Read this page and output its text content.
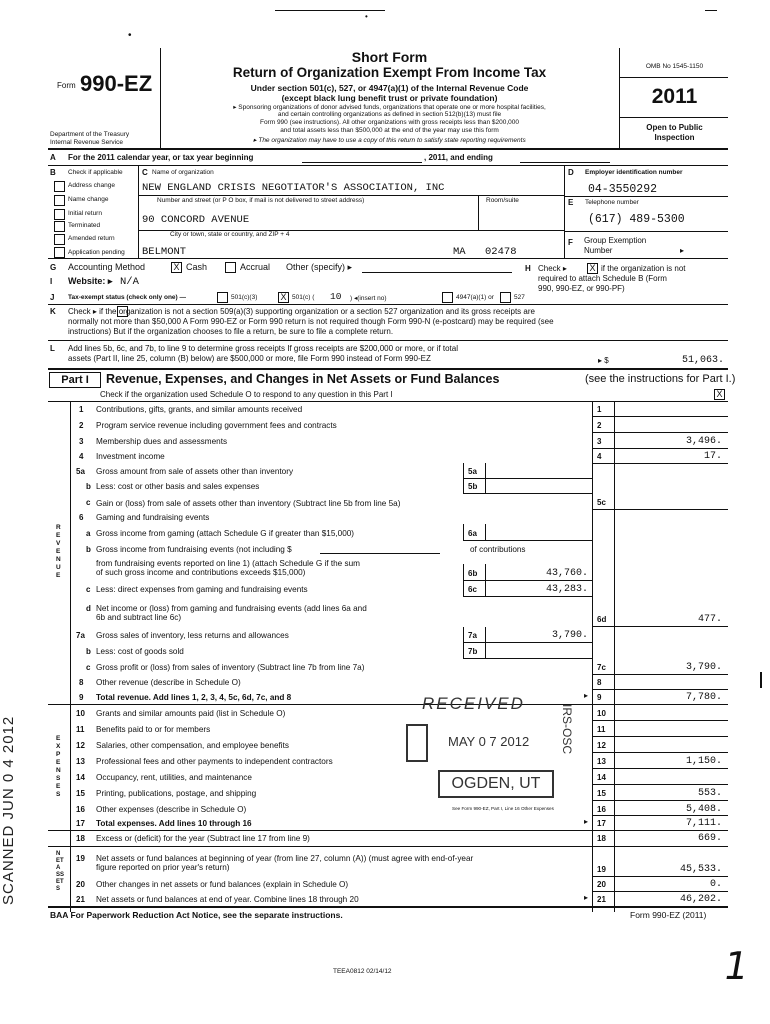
Form 990-EZ
Department of the Treasury
Internal Revenue Service
Short Form
Return of Organization Exempt From Income Tax
Under section 501(c), 527, or 4947(a)(1) of the Internal Revenue Code
(except black lung benefit trust or private foundation)
▸ Sponsoring organizations of donor advised funds, organizations that operate one or more hospital facilities,
and certain controlling organizations as defined in section 512(b)(13) must file
Form 990 (see instructions). All other organizations with gross receipts less than $200,000
and total assets less than $500,000 at the end of the year may use this form
▸ The organization may have to use a copy of this return to satisfy state reporting requirements
OMB No 1545-1150
2011
Open to Public
Inspection
A For the 2011 calendar year, or tax year beginning	, 2011, and ending
B Check if applicable
Address change
Name change
Initial return
Terminated
Amended return
Application pending
C Name of organization
NEW ENGLAND CRISIS NEGOTIATOR'S ASSOCIATION, INC
Number and street (or P O box, if mail is not delivered to street address)	Room/suite
90 CONCORD AVENUE
City or town, state or country, and ZIP + 4
BELMONT	MA 02478
D Employer identification number
04-3550292
E Telephone number
(617) 489-5300
F Group Exemption
Number	▸
G Accounting Method	X Cash	Accrual Other (specify) ▸	H Check ▸	X if the organization is not
required to attach Schedule B (Form
990, 990-EZ, or 990-PF)
I Website: ▸ N/A
J Tax-exempt status (check only one) —	501(c)(3)	X 501(c) ( 10 ) ◂(insert no)	4947(a)(1) or	527
K Check ▸ if the organization is not a section 509(a)(3) supporting organization or a section 527 organization and its gross receipts are
normally not more than $50,000 A Form 990-EZ or Form 990 return is not required though Form 990-N (e-postcard) may be required (see
instructions) But if the organization chooses to file a return, be sure to file a complete return.
L Add lines 5b, 6c, and 7b, to line 9 to determine gross receipts If gross receipts are $200,000 or more, or if total
assets (Part II, line 25, column (B) below) are $500,000 or more, file Form 990 instead of Form 990-EZ	▸ $	51,063.
Part I	Revenue, Expenses, and Changes in Net Assets or Fund Balances	(see the instructions for Part I.)
Check if the organization used Schedule O to respond to any question in this Part I	X
REVENUE
EXPENSES
NETASSETS
1 Contributions, gifts, grants, and similar amounts received	1
2 Program service revenue including government fees and contracts	2
3 Membership dues and assessments	3	3,496.
4 Investment income	4	17.
5a Gross amount from sale of assets other than inventory	5a
b Less: cost or other basis and sales expenses	5b
c Gain or (loss) from sale of assets other than inventory (Subtract line 5b from line 5a)	5c
6 Gaming and fundraising events
a Gross income from gaming (attach Schedule G if greater than $15,000)	6a
b Gross income from fundraising events (not including $	of contributions
from fundraising events reported on line 1) (attach Schedule G if the sum
of such gross income and contributions exceeds $15,000)	6b	43,760.
c Less: direct expenses from gaming and fundraising events	6c	43,283.
d Net income or (loss) from gaming and fundraising events (add lines 6a and
6b and subtract line 6c)	6d	477.
7a Gross sales of inventory, less returns and allowances	7a	3,790.
b Less: cost of goods sold	7b
c Gross profit or (loss) from sales of inventory (Subtract line 7b from line 7a)	7c	3,790.
8 Other revenue (describe in Schedule O)	8
9 Total revenue. Add lines 1, 2, 3, 4, 5c, 6d, 7c, and 8	▸ 9	7,780.
10 Grants and similar amounts paid (list in Schedule O)	10
11 Benefits paid to or for members	11
12 Salaries, other compensation, and employee benefits	12
13 Professional fees and other payments to independent contractors	13	1,150.
14 Occupancy, rent, utilities, and maintenance	14
15 Printing, publications, postage, and shipping	15	553.
16 Other expenses (describe in Schedule O)	See Form 990-EZ, Part I, Line 16 Other Expenses	16	5,408.
17 Total expenses. Add lines 10 through 16	▸ 17	7,111.
18 Excess or (deficit) for the year (Subtract line 17 from line 9)	18	669.
19 Net assets or fund balances at beginning of year (from line 27, column (A)) (must agree with end-of-year
figure reported on prior year's return)	19	45,533.
20 Other changes in net assets or fund balances (explain in Schedule O)	20	0.
21 Net assets or fund balances at end of year. Combine lines 18 through 20	▸ 21	46,202.
BAA For Paperwork Reduction Act Notice, see the separate instructions.	Form 990-EZ (2011)
TEEA0812 02/14/12	1
SCANNED JUN 0 4 2012
RECEIVED
MAY 0 7 2012
OGDEN, UT
IRS-OSC
•
•
